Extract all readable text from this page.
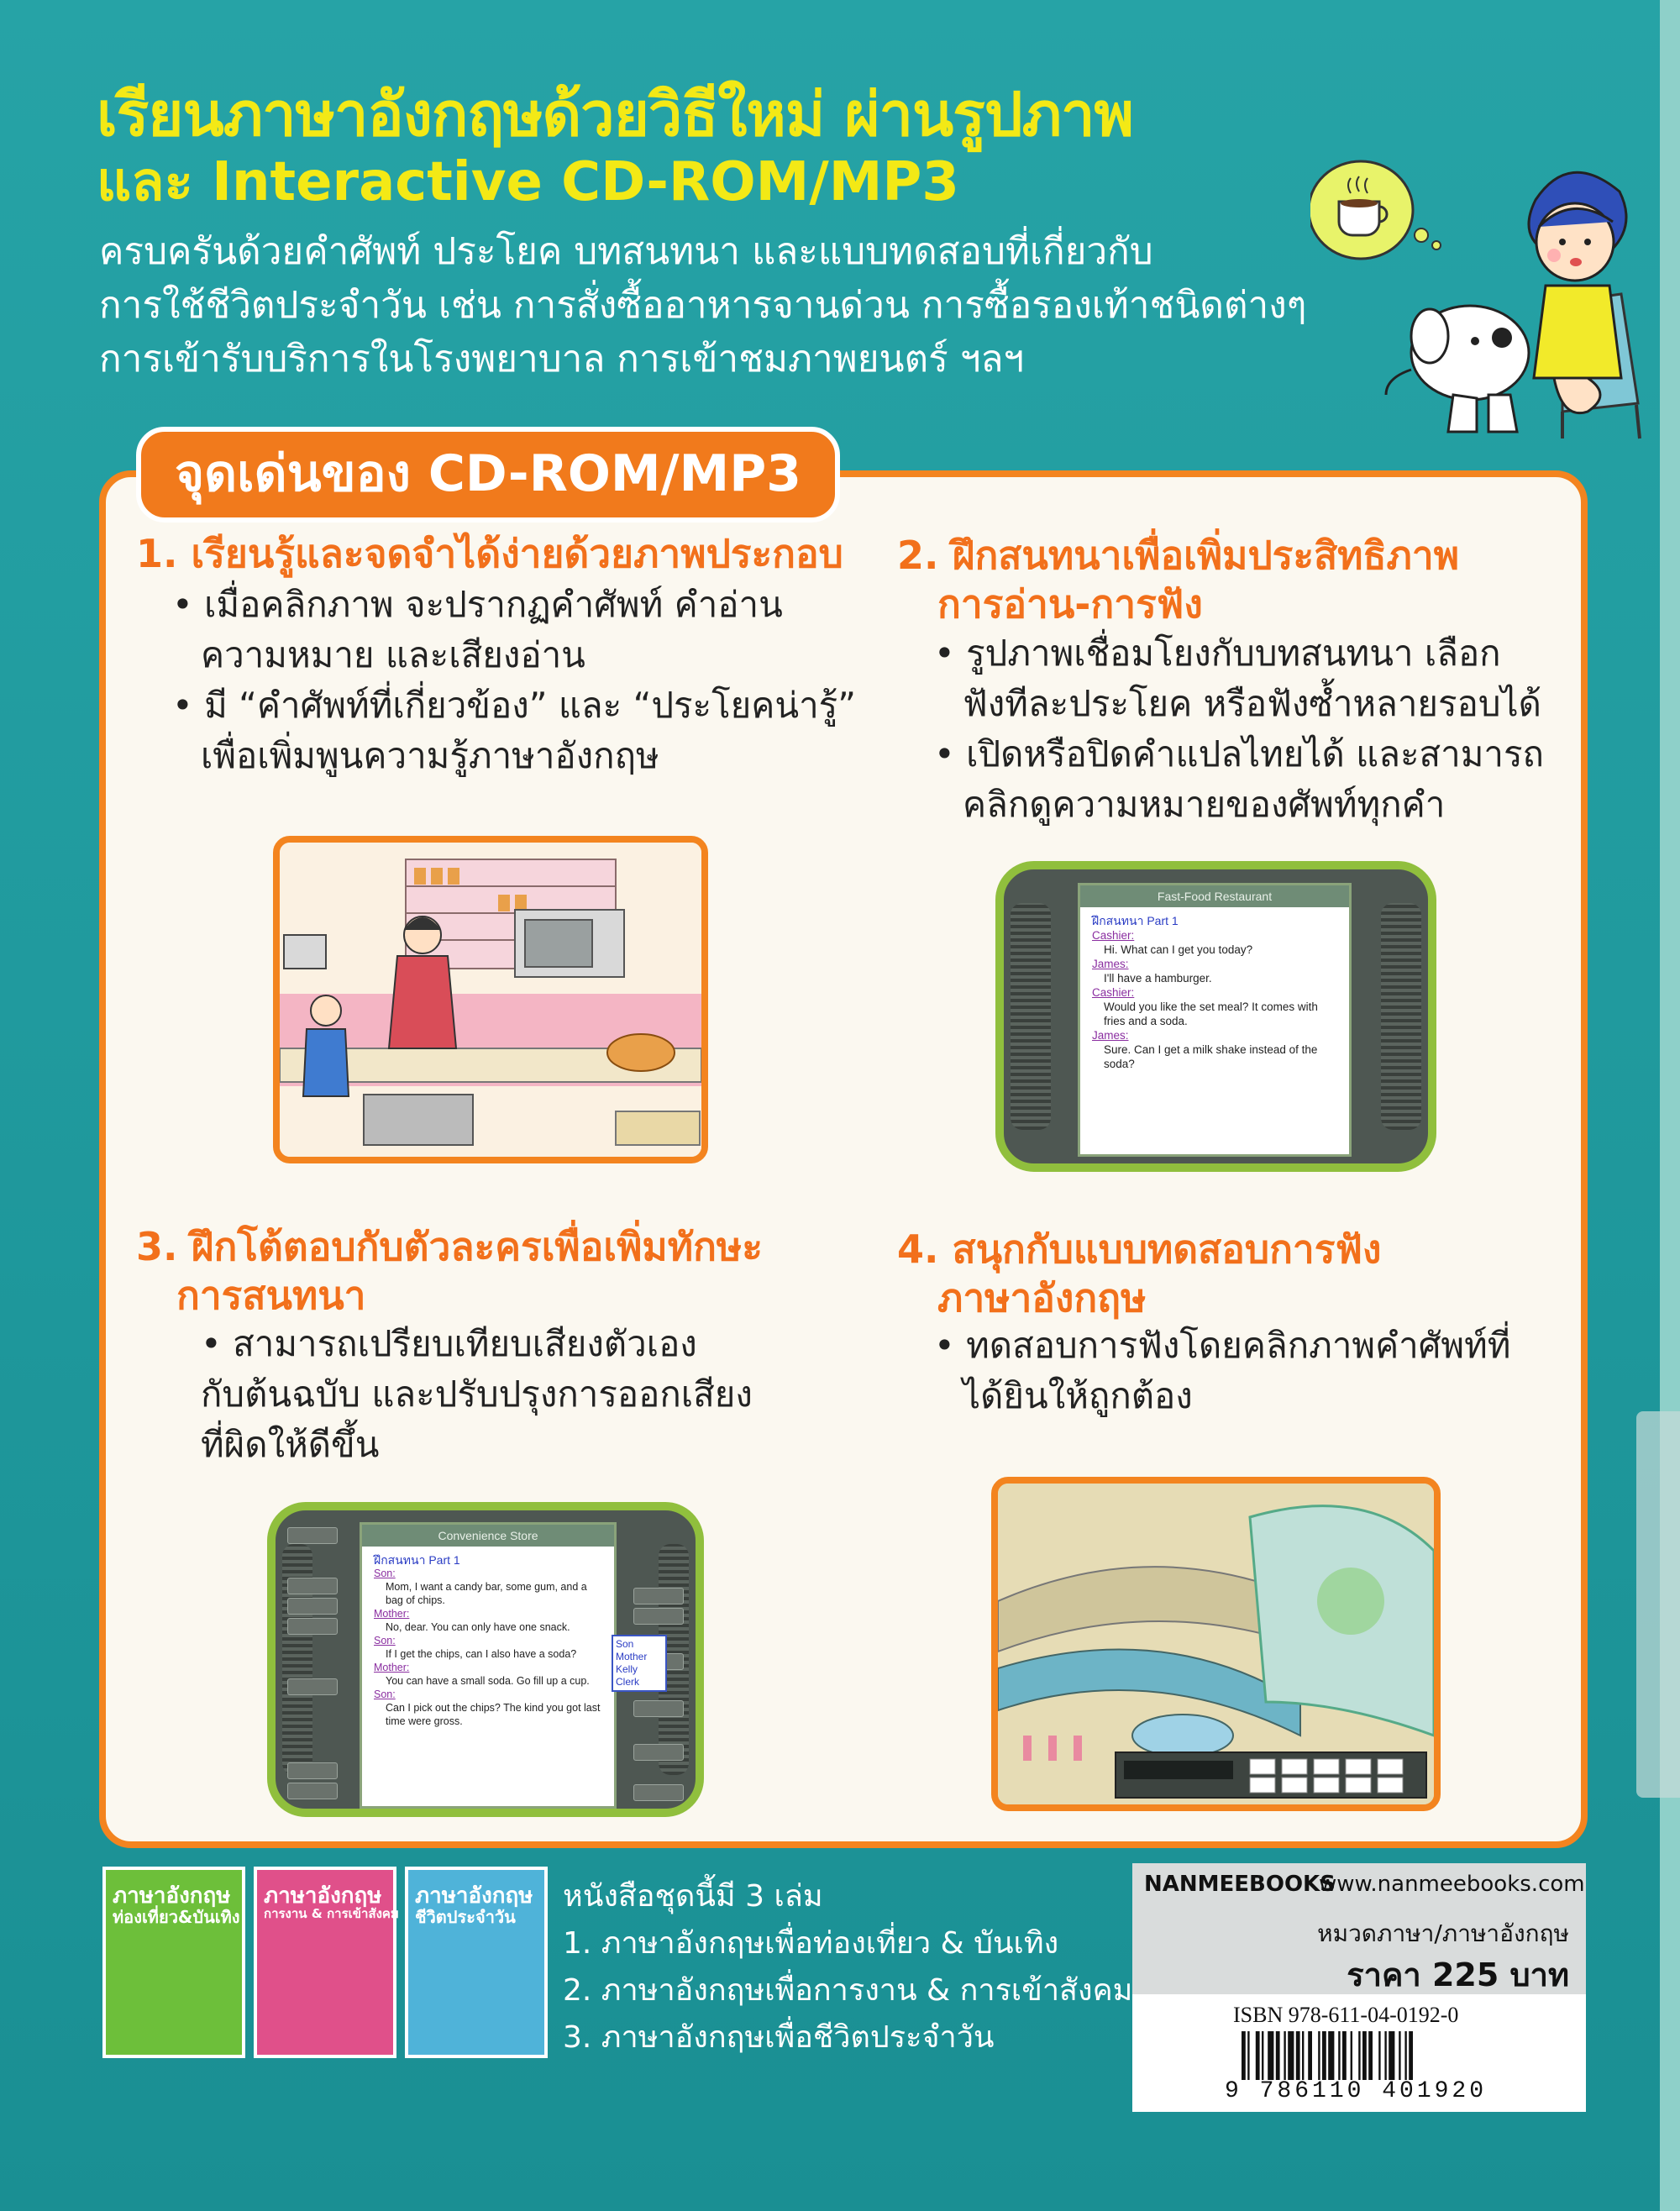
เรียนภาษาอังกฤษด้วยวิธีใหม่ ผ่านรูปภาพ
และ Interactive CD-ROM/MP3
ครบครันด้วยคำศัพท์ ประโยค บทสนทนา และแบบทดสอบที่เกี่ยวกับ
การใช้ชีวิตประจำวัน เช่น การสั่งซื้ออาหารจานด่วน การซื้อรองเท้าชนิดต่างๆ
การเข้ารับบริการในโรงพยาบาล การเข้าชมภาพยนตร์ ฯลฯ
จุดเด่นของ CD-ROM/MP3
1. เรียนรู้และจดจำได้ง่ายด้วยภาพประกอบ
• เมื่อคลิกภาพ จะปรากฏคำศัพท์ คำอ่าน
ความหมาย และเสียงอ่าน
• มี “คำศัพท์ที่เกี่ยวข้อง” และ “ประโยคน่ารู้”
เพื่อเพิ่มพูนความรู้ภาษาอังกฤษ
2. ฝึกสนทนาเพื่อเพิ่มประสิทธิภาพ
การอ่าน-การฟัง
• รูปภาพเชื่อมโยงกับบทสนทนา เลือก
ฟังทีละประโยค หรือฟังซ้ำหลายรอบได้
• เปิดหรือปิดคำแปลไทยได้ และสามารถ
คลิกดูความหมายของศัพท์ทุกคำ
3. ฝึกโต้ตอบกับตัวละครเพื่อเพิ่มทักษะ
การสนทนา
• สามารถเปรียบเทียบเสียงตัวเอง
กับต้นฉบับ และปรับปรุงการออกเสียง
ที่ผิดให้ดีขึ้น
4. สนุกกับแบบทดสอบการฟัง
ภาษาอังกฤษ
• ทดสอบการฟังโดยคลิกภาพคำศัพท์ที่
ได้ยินให้ถูกต้อง
Fast-Food Restaurant
ฝึกสนทนา Part 1
Cashier:
Hi. What can I get you today?
James:
I'll have a hamburger.
Cashier:
Would you like the set meal? It comes with fries and a soda.
James:
Sure. Can I get a milk shake instead of the soda?
Convenience Store
ฝึกสนทนา Part 1
Son:
Mom, I want a candy bar, some gum, and a bag of chips.
Mother:
No, dear. You can only have one snack.
Son:
If I get the chips, can I also have a soda?
Mother:
You can have a small soda. Go fill up a cup.
Son:
Can I pick out the chips? The kind you got last time were gross.
Son
Mother
Kelly
Clerk
ภาษาอังกฤษ
ท่องเที่ยว&บันเทิง
ภาษาอังกฤษ
การงาน & การเข้าสังคม
ภาษาอังกฤษ
ชีวิตประจำวัน
หนังสือชุดนี้มี 3 เล่ม
1. ภาษาอังกฤษเพื่อท่องเที่ยว & บันเทิง
2. ภาษาอังกฤษเพื่อการงาน & การเข้าสังคม
3. ภาษาอังกฤษเพื่อชีวิตประจำวัน
NANMEEBOOKS
www.nanmeebooks.com
หมวดภาษา/ภาษาอังกฤษ
ราคา 225 บาท
ISBN 978-611-04-0192-0
9 786110 401920
